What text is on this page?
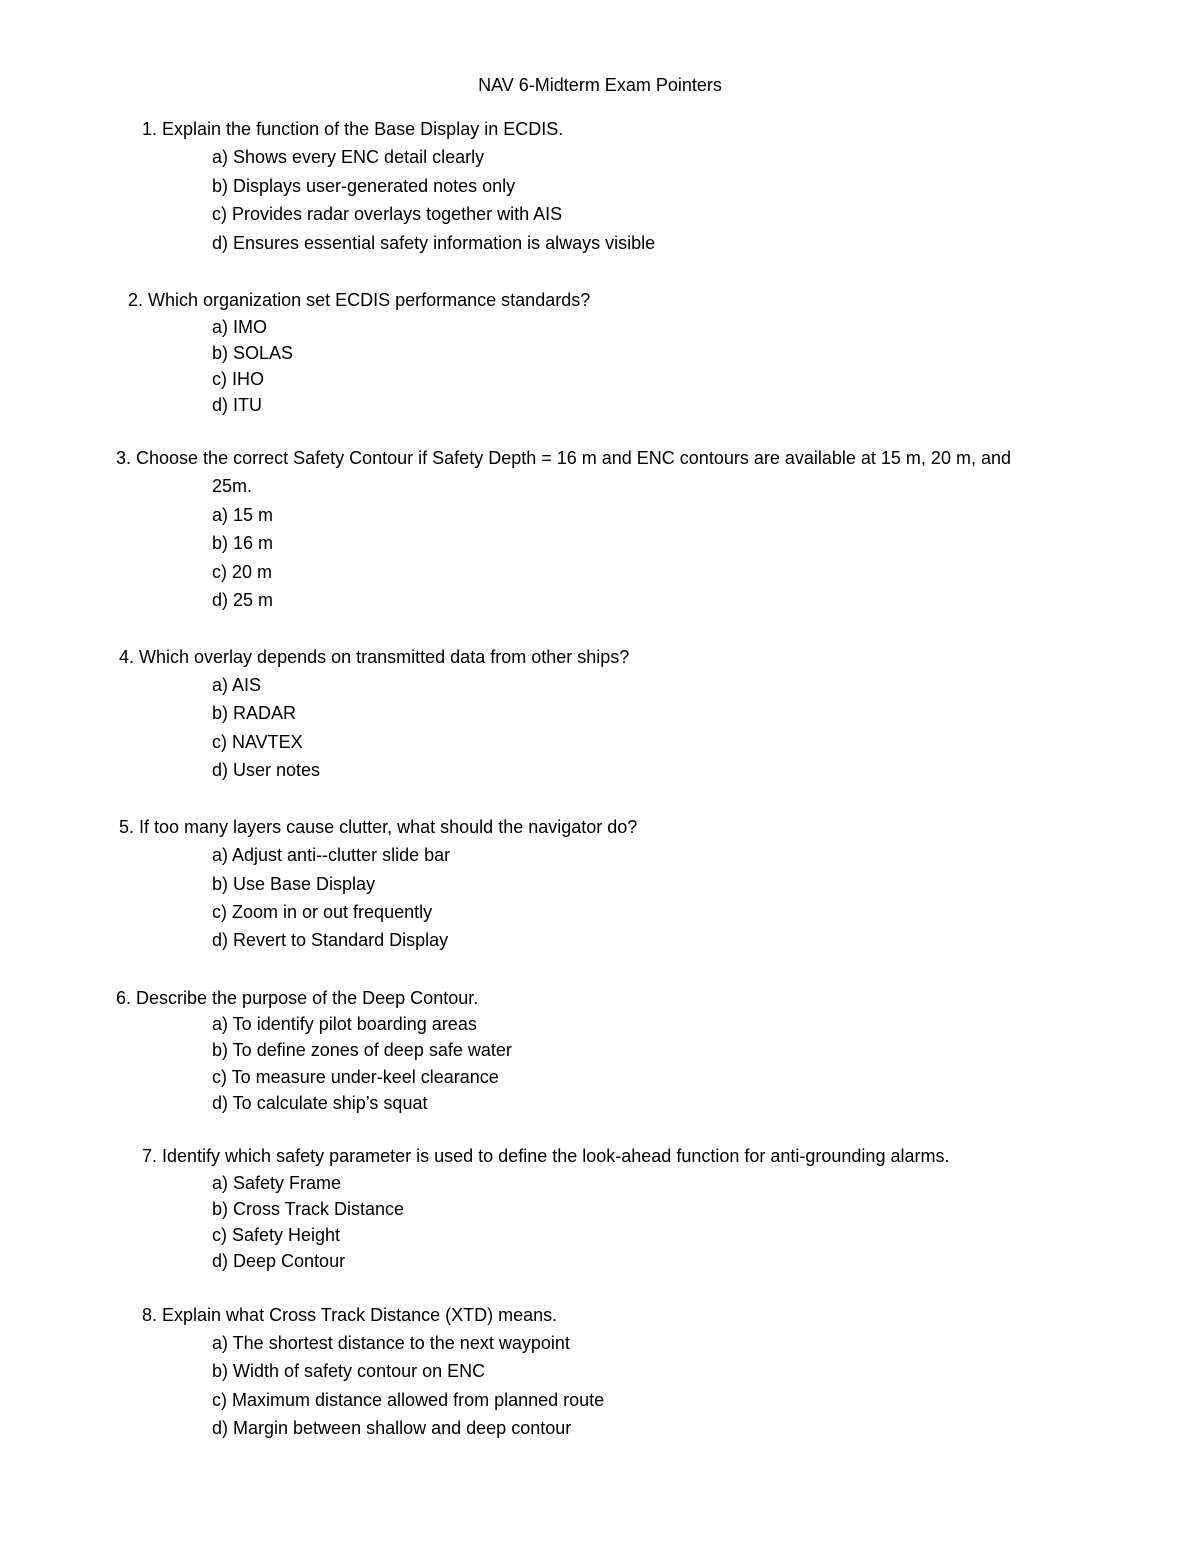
NAV 6-Midterm Exam Pointers
1. Explain the function of the Base Display in ECDIS.
a) Shows every ENC detail clearly
b) Displays user-generated notes only
c) Provides radar overlays together with AIS
d) Ensures essential safety information is always visible
2. Which organization set ECDIS performance standards?
a) IMO
b) SOLAS
c) IHO
d) ITU
3. Choose the correct Safety Contour if Safety Depth = 16 m and ENC contours are available at 15 m, 20 m, and
25m.
a) 15 m
b) 16 m
c) 20 m
d) 25 m
4. Which overlay depends on transmitted data from other ships?
a) AIS
b) RADAR
c) NAVTEX
d) User notes
5. If too many layers cause clutter, what should the navigator do?
a) Adjust anti--clutter slide bar
b) Use Base Display
c) Zoom in or out frequently
d) Revert to Standard Display
6. Describe the purpose of the Deep Contour.
a) To identify pilot boarding areas
b) To define zones of deep safe water
c) To measure under-keel clearance
d) To calculate ship’s squat
7. Identify which safety parameter is used to define the look-ahead function for anti-grounding alarms.
a) Safety Frame
b) Cross Track Distance
c) Safety Height
d) Deep Contour
8. Explain what Cross Track Distance (XTD) means.
a) The shortest distance to the next waypoint
b) Width of safety contour on ENC
c) Maximum distance allowed from planned route
d) Margin between shallow and deep contour
